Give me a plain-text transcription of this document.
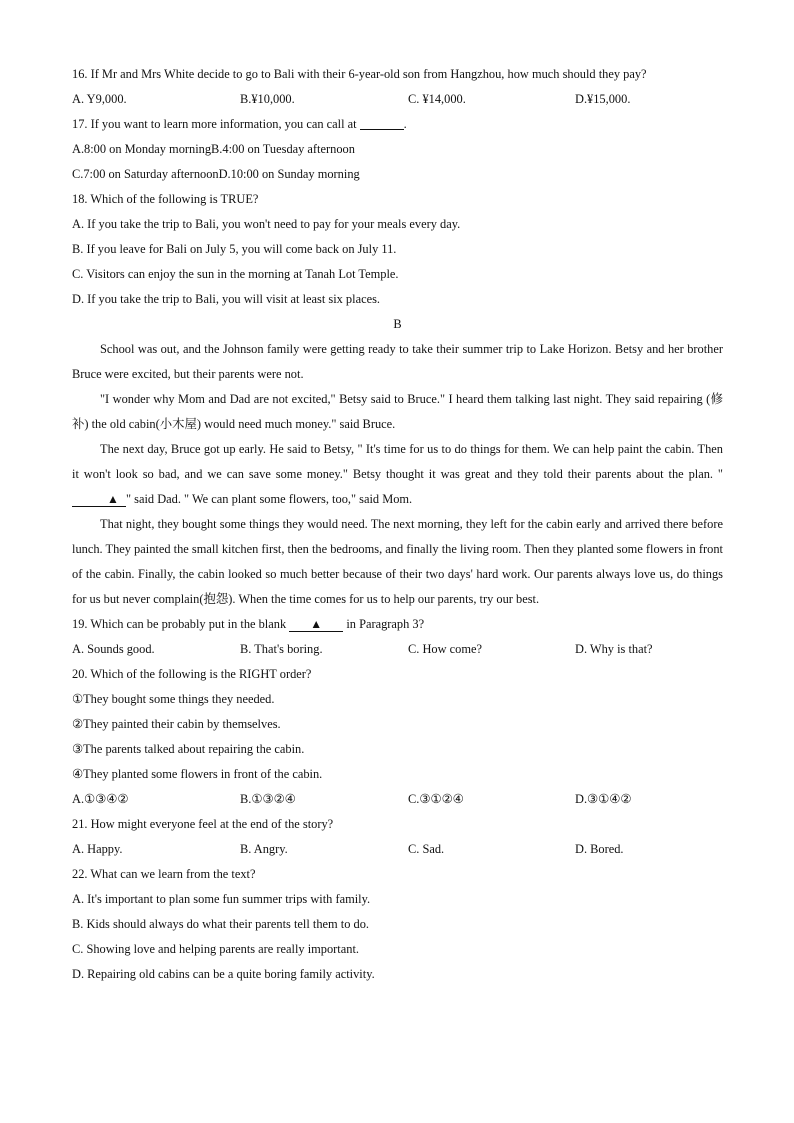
16. If Mr and Mrs White decide to go to Bali with their 6-year-old son from Hangzhou, how much should they pay?
A. Y9,000.	B.¥10,000.	C. ¥14,000.	D.¥15,000.
17. If you want to learn more information, you can call at	.
A.8:00 on Monday morningB.4:00 on Tuesday afternoon
C.7:00 on Saturday afternoonD.10:00 on Sunday morning
18. Which of the following is TRUE?
A. If you take the trip to Bali, you won't need to pay for your meals every day.
B. If you leave for Bali on July 5, you will come back on July 11.
C. Visitors can enjoy the sun in the morning at Tanah Lot Temple.
D. If you take the trip to Bali, you will visit at least six places.
B

School was out, and the Johnson family were getting ready to take their summer trip to Lake Horizon. Betsy and her brother Bruce were excited, but their parents were not.

"I wonder why Mom and Dad are not excited," Betsy said to Bruce." I heard them talking last night. They said repairing (修补) the old cabin(小木屋) would need much money." said Bruce.

The next day, Bruce got up early. He said to Betsy, " It's time for us to do things for them. We can help paint the cabin. Then it won't look so bad, and we can save some money." Betsy thought it was great and they told their parents about the plan. "▲ " said Dad. " We can plant some flowers, too," said Mom.

That night, they bought some things they would need. The next morning, they left for the cabin early and arrived there before lunch. They painted the small kitchen first, then the bedrooms, and finally the living room. Then they planted some flowers in front of the cabin. Finally, the cabin looked so much better because of their two days' hard work. Our parents always love us, do things for us but never complain(抱怨). When the time comes for us to help our parents, try our best.

19. Which can be probably put in the blank ▲ in Paragraph 3?
A. Sounds good.	B. That's boring.	C. How come?	D. Why is that?
20. Which of the following is the RIGHT order?
①They bought some things they needed.
②They painted their cabin by themselves.
③The parents talked about repairing the cabin.
④They planted some flowers in front of the cabin.
A.①③④②	B.①③②④	C.③①②④	D.③①④②
21. How might everyone feel at the end of the story?
A. Happy.	B. Angry.	C. Sad.	D. Bored.
22. What can we learn from the text?
A. It's important to plan some fun summer trips with family.
B. Kids should always do what their parents tell them to do.
C. Showing love and helping parents are really important.
D. Repairing old cabins can be a quite boring family activity.
